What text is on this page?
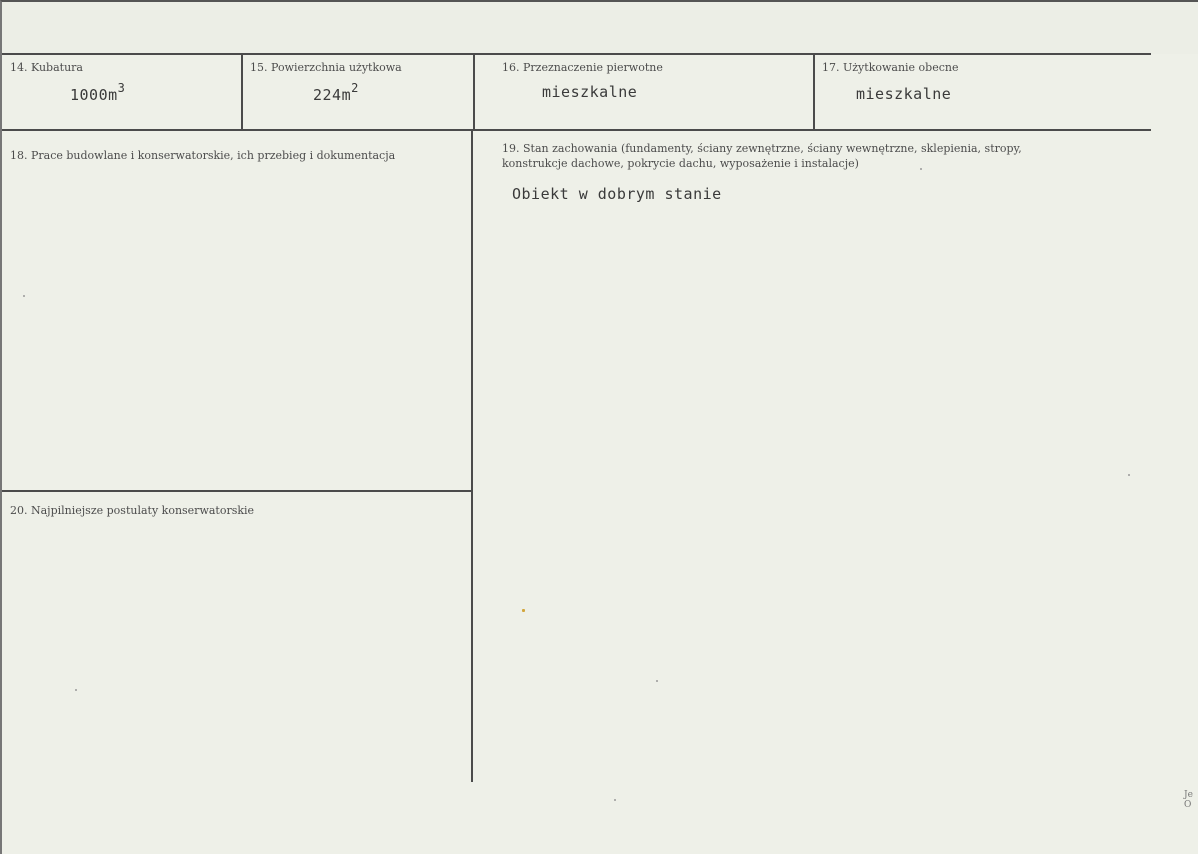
14. Kubatura
$1000m^3$
15. Powierzchnia użytkowa
$224m^2$
16. Przeznaczenie pierwotne
mieszkalne
17. Użytkowanie obecne
mieszkalne
18. Prace budowlane i konserwatorskie, ich przebieg i dokumentacja
19. Stan zachowania (fundamenty, ściany zewnętrzne, ściany wewnętrzne, sklepienia, stropy, konstrukcje dachowe, pokrycie dachu, wyposażenie i instalacje)
Obiekt w dobrym stanie
20. Najpilniejsze postulaty konserwatorskie
Je
O
